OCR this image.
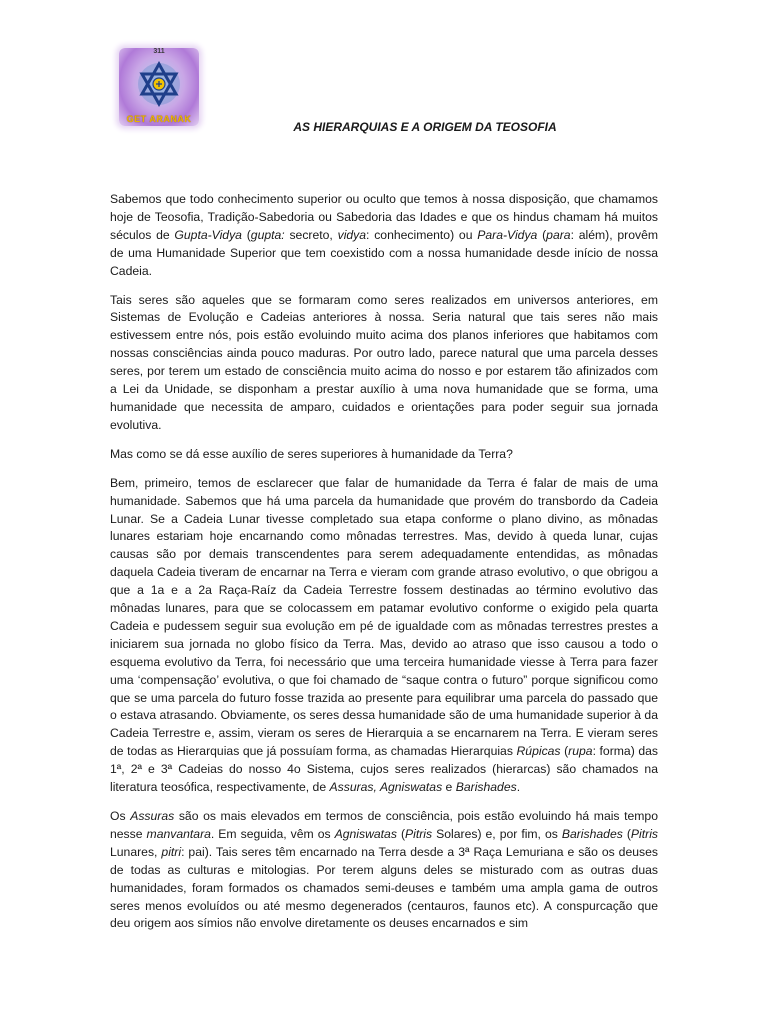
311
GET ARANAK
AS HIERARQUIAS E A ORIGEM DA TEOSOFIA

Sabemos que todo conhecimento superior ou oculto que temos à nossa disposição, que chamamos hoje de Teosofia, Tradição-Sabedoria ou Sabedoria das Idades e que os hindus chamam há muitos séculos de Gupta-Vidya (gupta: secreto, vidya: conhecimento) ou Para-Vidya (para: além), provêm de uma Humanidade Superior que tem coexistido com a nossa humanidade desde início de nossa Cadeia.

Tais seres são aqueles que se formaram como seres realizados em universos anteriores, em Sistemas de Evolução e Cadeias anteriores à nossa. Seria natural que tais seres não mais estivessem entre nós, pois estão evoluindo muito acima dos planos inferiores que habitamos com nossas consciências ainda pouco maduras. Por outro lado, parece natural que uma parcela desses seres, por terem um estado de consciência muito acima do nosso e por estarem tão afinizados com a Lei da Unidade, se disponham a prestar auxílio à uma nova humanidade que se forma, uma humanidade que necessita de amparo, cuidados e orientações para poder seguir sua jornada evolutiva.

Mas como se dá esse auxílio de seres superiores à humanidade da Terra?

Bem, primeiro, temos de esclarecer que falar de humanidade da Terra é falar de mais de uma humanidade. Sabemos que há uma parcela da humanidade que provém do transbordo da Cadeia Lunar. Se a Cadeia Lunar tivesse completado sua etapa conforme o plano divino, as mônadas lunares estariam hoje encarnando como mônadas terrestres. Mas, devido à queda lunar, cujas causas são por demais transcendentes para serem adequadamente entendidas, as mônadas daquela Cadeia tiveram de encarnar na Terra e vieram com grande atraso evolutivo, o que obrigou a que a 1a e a 2a Raça-Raíz da Cadeia Terrestre fossem destinadas ao término evolutivo das mônadas lunares, para que se colocassem em patamar evolutivo conforme o exigido pela quarta Cadeia e pudessem seguir sua evolução em pé de igualdade com as mônadas terrestres prestes a iniciarem sua jornada no globo físico da Terra. Mas, devido ao atraso que isso causou a todo o esquema evolutivo da Terra, foi necessário que uma terceira humanidade viesse à Terra para fazer uma ‘compensação’ evolutiva, o que foi chamado de “saque contra o futuro” porque significou como que se uma parcela do futuro fosse trazida ao presente para equilibrar uma parcela do passado que o estava atrasando. Obviamente, os seres dessa humanidade são de uma humanidade superior à da Cadeia Terrestre e, assim, vieram os seres de Hierarquia a se encarnarem na Terra. E vieram seres de todas as Hierarquias que já possuíam forma, as chamadas Hierarquias Rúpicas (rupa: forma) das 1ª, 2ª e 3ª Cadeias do nosso 4o Sistema, cujos seres realizados (hierarcas) são chamados na literatura teosófica, respectivamente, de Assuras, Agniswatas e Barishades.

Os Assuras são os mais elevados em termos de consciência, pois estão evoluindo há mais tempo nesse manvantara. Em seguida, vêm os Agniswatas (Pitris Solares) e, por fim, os Barishades (Pitris Lunares, pitri: pai). Tais seres têm encarnado na Terra desde a 3ª Raça Lemuriana e são os deuses de todas as culturas e mitologias. Por terem alguns deles se misturado com as outras duas humanidades, foram formados os chamados semi-deuses e também uma ampla gama de outros seres menos evoluídos ou até mesmo degenerados (centauros, faunos etc). A conspurcação que deu origem aos símios não envolve diretamente os deuses encarnados e sim
